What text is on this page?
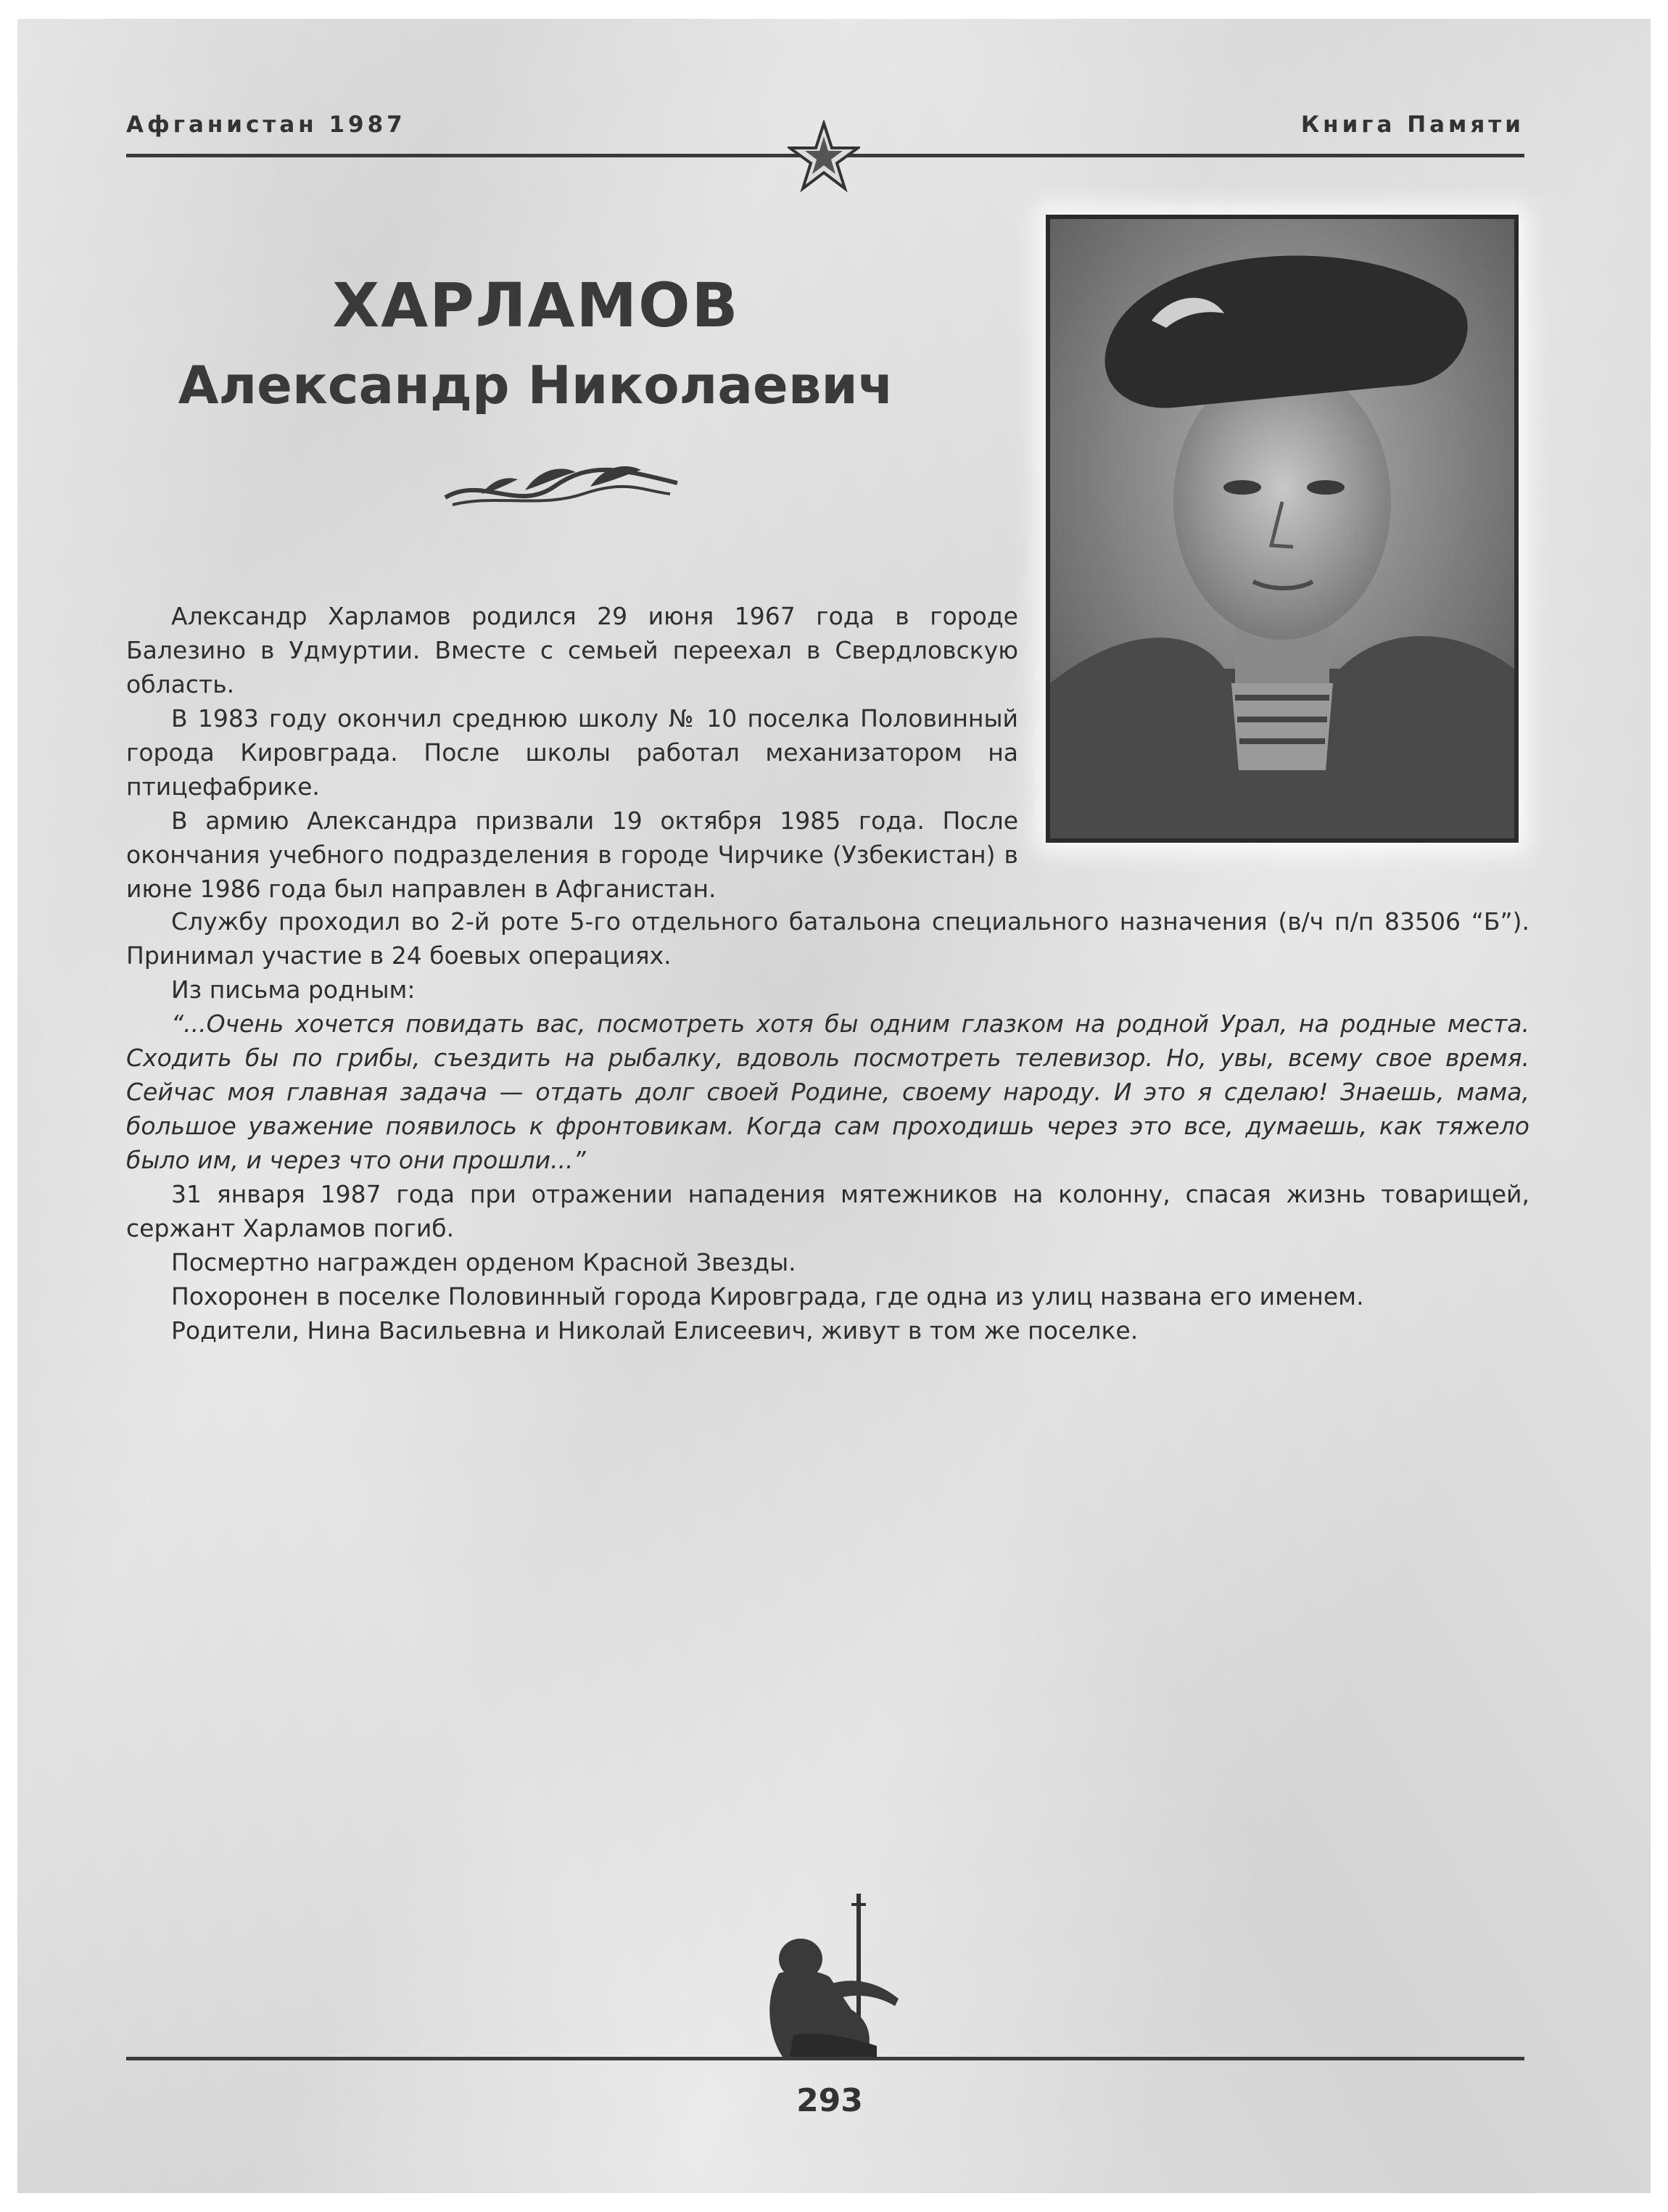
Афганистан 1987	Книга Памяти
ХАРЛАМОВ
Александр Николаевич

Александр Харламов родился 29 июня 1967 года в городе Балезино в Удмуртии. Вместе с семьей переехал в Свердловскую область.

В 1983 году окончил среднюю школу № 10 поселка Половинный города Кировграда. После школы работал механизатором на птицефабрике.

В армию Александра призвали 19 октября 1985 года. После окончания учебного подразделения в городе Чирчике (Узбекистан) в июне 1986 года был направлен в Афганистан.

Службу проходил во 2-й роте 5-го отдельного батальона специального назначения (в/ч п/п 83506 “Б”). Принимал участие в 24 боевых операциях.

Из письма родным:

“...Очень хочется повидать вас, посмотреть хотя бы одним глазком на родной Урал, на родные места. Сходить бы по грибы, съездить на рыбалку, вдоволь посмотреть телевизор. Но, увы, всему свое время. Сейчас моя главная задача — отдать долг своей Родине, своему народу. И это я сделаю! Знаешь, мама, большое уважение появилось к фронтовикам. Когда сам проходишь через это все, думаешь, как тяжело было им, и через что они прошли...”

31 января 1987 года при отражении нападения мятежников на колонну, спасая жизнь товарищей, сержант Харламов погиб.

Посмертно награжден орденом Красной Звезды.

Похоронен в поселке Половинный города Кировграда, где одна из улиц названа его именем.

Родители, Нина Васильевна и Николай Елисеевич, живут в том же поселке.

293
